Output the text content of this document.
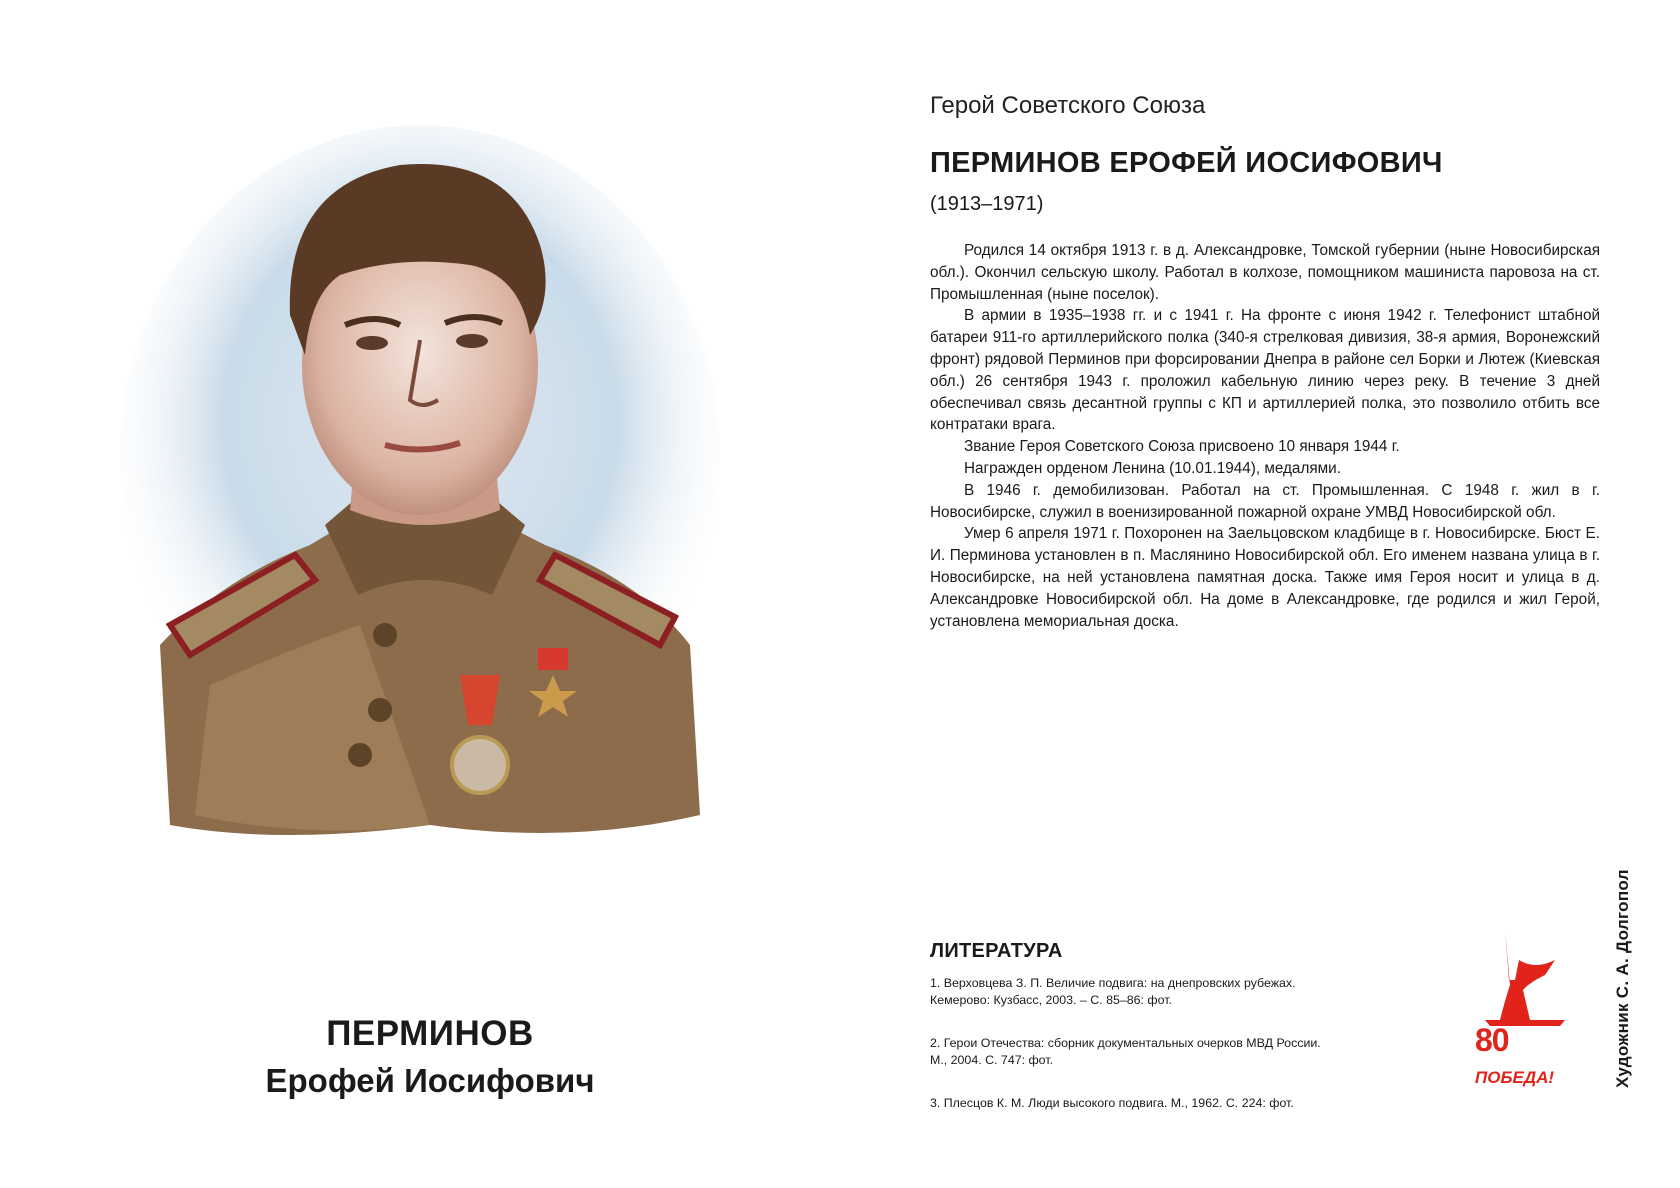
ПЕРМИНОВ
Ерофей Иосифович
Герой Советского Союза
ПЕРМИНОВ ЕРОФЕЙ ИОСИФОВИЧ
(1913–1971)

Родился 14 октября 1913 г. в д. Александровке, Томской губернии (ныне Новосибирская обл.). Окончил сельскую школу. Работал в колхозе, помощником машиниста паровоза на ст. Промышленная (ныне поселок).

В армии в 1935–1938 гг. и с 1941 г. На фронте с июня 1942 г. Телефонист штабной батареи 911-го артиллерийского полка (340-я стрелковая дивизия, 38-я армия, Воронежский фронт) рядовой Перминов при форсировании Днепра в районе сел Борки и Лютеж (Киевская обл.) 26 сентября 1943 г. проложил кабельную линию через реку. В течение 3 дней обеспечивал связь десантной группы с КП и артиллерией полка, это позволило отбить все контратаки врага.

Звание Героя Советского Союза присвоено 10 января 1944 г.

Награжден орденом Ленина (10.01.1944), медалями.

В 1946 г. демобилизован. Работал на ст. Промышленная. С 1948 г. жил в г. Новосибирске, служил в военизированной пожарной охране УМВД Новосибирской обл.

Умер 6 апреля 1971 г. Похоронен на Заельцовском кладбище в г. Новосибирске. Бюст Е. И. Перминова установлен в п. Маслянино Новосибирской обл. Его именем названа улица в г. Новосибирске, на ней установлена памятная доска. Также имя Героя носит и улица в д. Александровке Новосибирской обл. На доме в Александровке, где родился и жил Герой, установлена мемориальная доска.

ЛИТЕРАТУРА
1. Верховцева З. П. Величие подвига: на днепровских рубежах.
Кемерово: Кузбасс, 2003. – С. 85–86: фот.
2. Герои Отечества: сборник документальных очерков МВД России.
М., 2004. С. 747: фот.
3. Плесцов К. М. Люди высокого подвига. М., 1962. С. 224: фот.
80
ПОБЕДА!	Художник С. А. Долгопол
